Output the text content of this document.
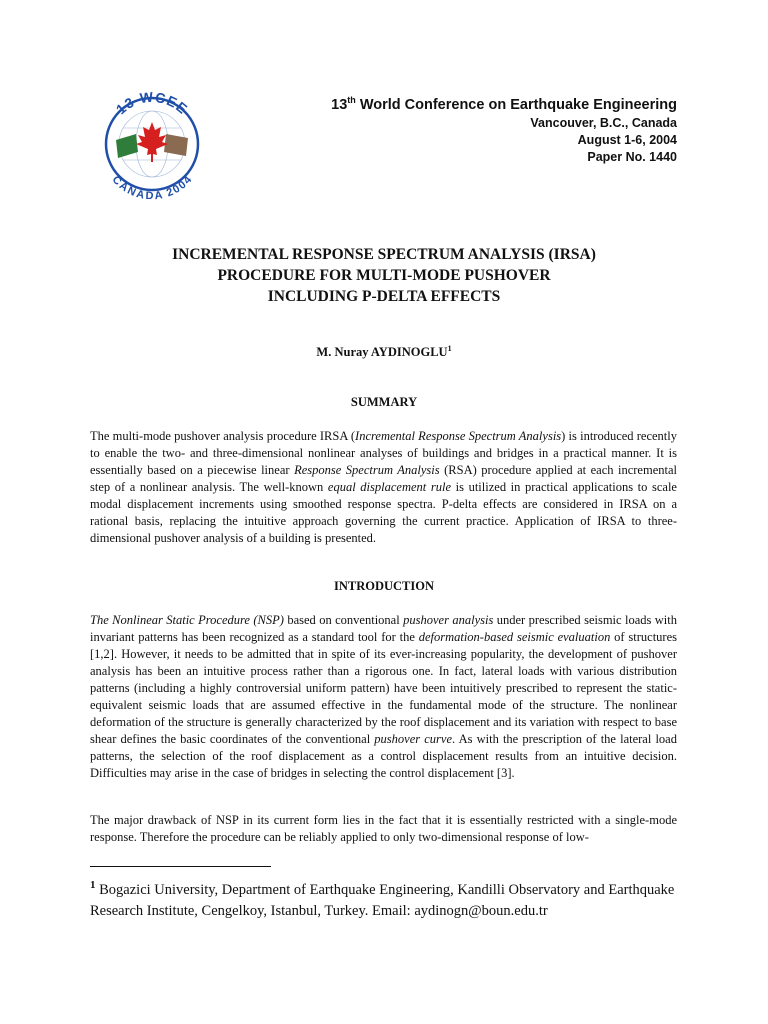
13 WCEE
CANADA 2004
13th World Conference on Earthquake Engineering
Vancouver, B.C., Canada
August 1-6, 2004
Paper No. 1440
INCREMENTAL RESPONSE SPECTRUM ANALYSIS (IRSA)
PROCEDURE FOR MULTI-MODE PUSHOVER
INCLUDING P-DELTA EFFECTS
M. Nuray AYDINOGLU$^1$
SUMMARY

The multi-mode pushover analysis procedure IRSA (Incremental Response Spectrum Analysis) is introduced recently to enable the two- and three-dimensional nonlinear analyses of buildings and bridges in a practical manner. It is essentially based on a piecewise linear Response Spectrum Analysis (RSA) procedure applied at each incremental step of a nonlinear analysis. The well-known equal displacement rule is utilized in practical applications to scale modal displacement increments using smoothed response spectra. P-delta effects are considered in IRSA on a rational basis, replacing the intuitive approach governing the current practice. Application of IRSA to three-dimensional pushover analysis of a building is presented.

INTRODUCTION

The Nonlinear Static Procedure (NSP) based on conventional pushover analysis under prescribed seismic loads with invariant patterns has been recognized as a standard tool for the deformation-based seismic evaluation of structures [1,2]. However, it needs to be admitted that in spite of its ever-increasing popularity, the development of pushover analysis has been an intuitive process rather than a rigorous one. In fact, lateral loads with various distribution patterns (including a highly controversial uniform pattern) have been intuitively prescribed to represent the static-equivalent seismic loads that are assumed effective in the fundamental mode of the structure. The nonlinear deformation of the structure is generally characterized by the roof displacement and its variation with respect to base shear defines the basic coordinates of the conventional pushover curve. As with the prescription of the lateral load patterns, the selection of the roof displacement as a control displacement results from an intuitive decision. Difficulties may arise in the case of bridges in selecting the control displacement [3].

The major drawback of NSP in its current form lies in the fact that it is essentially restricted with a single-mode response. Therefore the procedure can be reliably applied to only two-dimensional response of low-

$^1$ Bogazici University, Department of Earthquake Engineering, Kandilli Observatory and Earthquake Research Institute, Cengelkoy, Istanbul, Turkey. Email: aydinogn@boun.edu.tr
